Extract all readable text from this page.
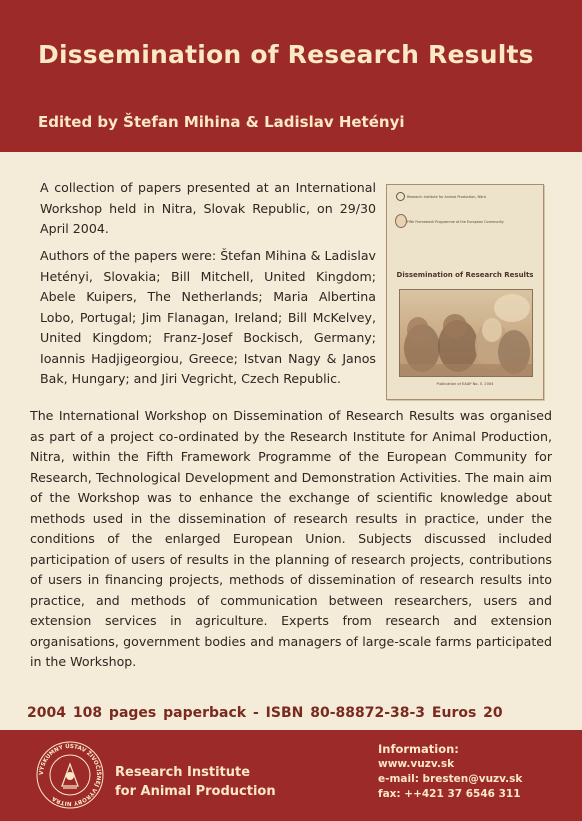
Dissemination of Research Results
Edited by Štefan Mihina & Ladislav Hetényi

A collection of papers presented at an International Workshop held in Nitra, Slovak Republic, on 29/30 April 2004.

Authors of the papers were: Štefan Mihina & Ladislav Hetényi, Slovakia; Bill Mitchell, United Kingdom; Abele Kuipers, The Netherlands; Maria Albertina Lobo, Portugal; Jim Flanagan, Ireland; Bill McKelvey, United Kingdom; Franz-Josef Bockisch, Germany; Ioannis Hadjigeorgiou, Greece; Istvan Nagy & Janos Bak, Hungary; and Jiri Vegricht, Czech Republic.

Research Institute for Animal Production, Nitra
Fifth Framework Programme of the European Community
Dissemination of Research Results
Publication of EAAP No. 5, 2004

The International Workshop on Dissemination of Research Results was organised as part of a project co-ordinated by the Research Institute for Animal Production, Nitra, within the Fifth Framework Programme of the European Community for Research, Technological Development and Demonstration Activities. The main aim of the Workshop was to enhance the exchange of scientific knowledge about methods used in the dissemination of research results in practice, under the conditions of the enlarged European Union. Subjects discussed included participation of users of results in the planning of research projects, contributions of users in financing projects, methods of dissemination of research results into practice, and methods of communication between researchers, users and extension services in agriculture. Experts from research and extension organisations, government bodies and managers of large-scale farms participated in the Workshop.

2004 108 pages paperback - ISBN 80-88872-38-3 Euros 20

VÝSKUMNÝ ÚSTAV ŽIVOČÍŠNEJ VÝROBY NITRA

Research Institute
for Animal Production

Information:
www.vuzv.sk
e-mail: bresten@vuzv.sk
fax: ++421 37 6546 311
